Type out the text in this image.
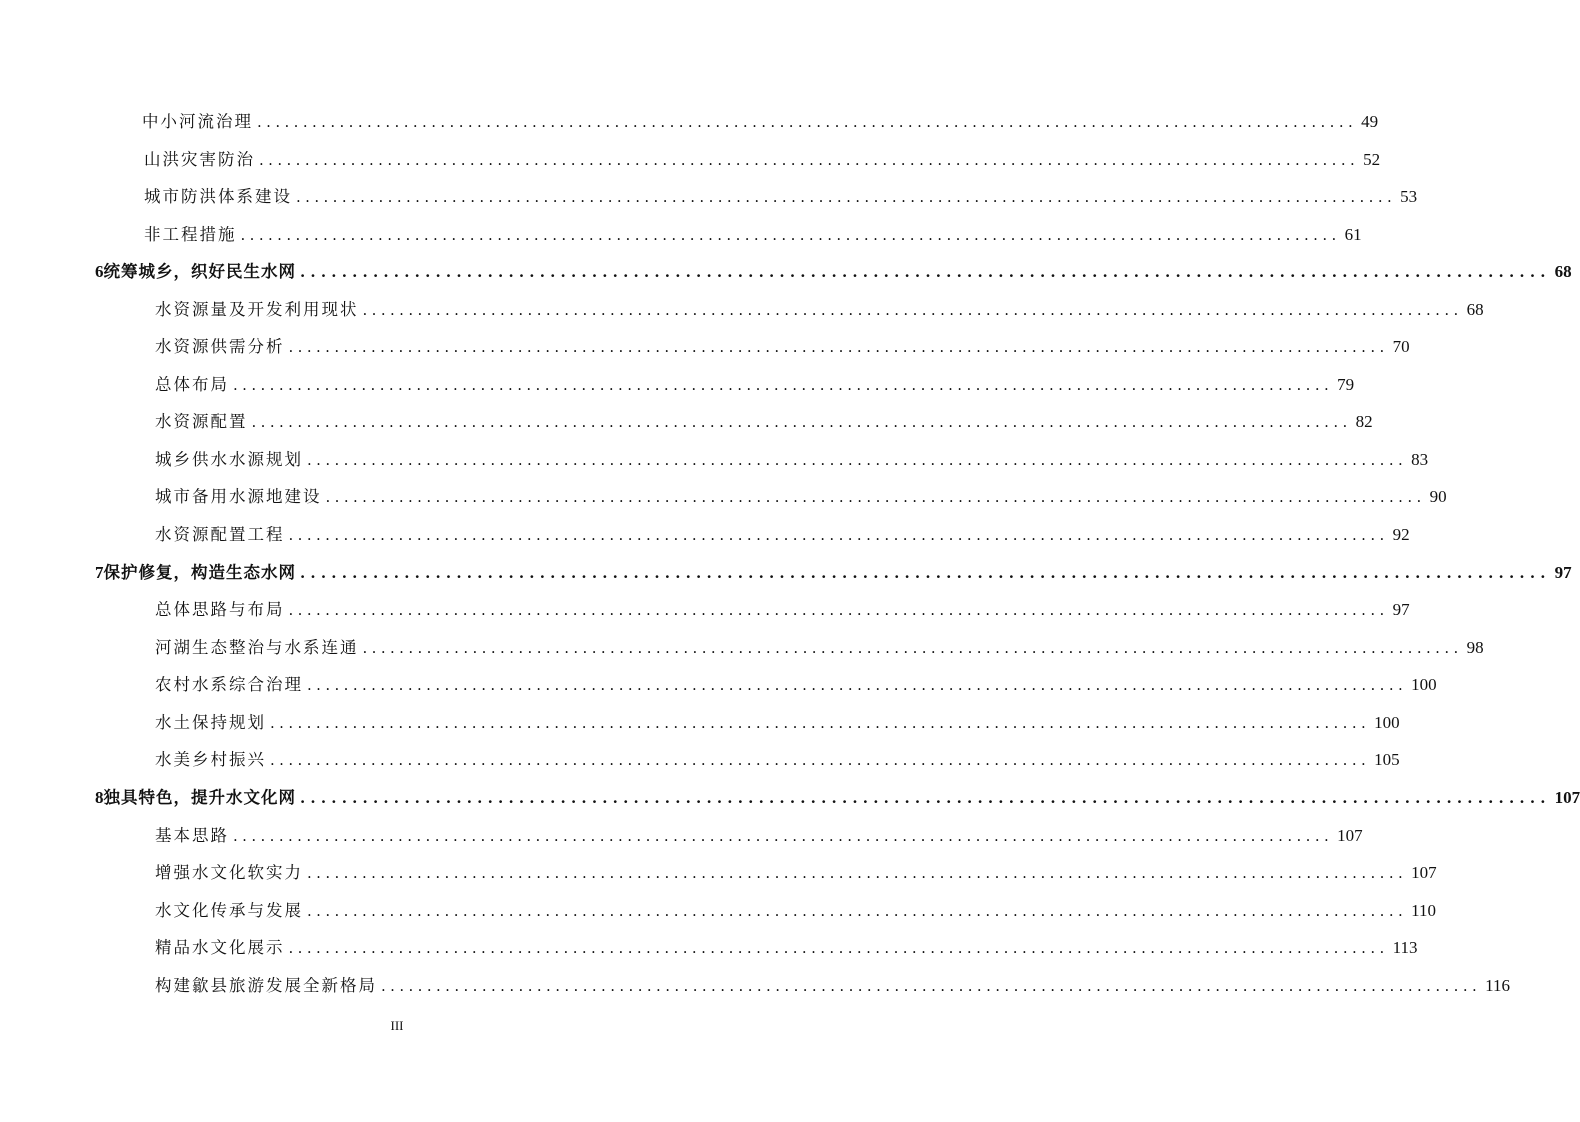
中小河流治理 ........................................................................................................................ 49
山洪灾害防治 ........................................................................................................................ 52
城市防洪体系建设 ........................................................................................................................ 53
非工程措施 ........................................................................................................................ 61
6 统筹城乡，织好民生水网 ........................................................................................................................ 68
水资源量及开发利用现状 ........................................................................................................................ 68
水资源供需分析 ........................................................................................................................ 70
总体布局 ........................................................................................................................ 79
水资源配置 ........................................................................................................................ 82
城乡供水水源规划 ........................................................................................................................ 83
城市备用水源地建设 ........................................................................................................................ 90
水资源配置工程 ........................................................................................................................ 92
7 保护修复，构造生态水网 ........................................................................................................................ 97
总体思路与布局 ........................................................................................................................ 97
河湖生态整治与水系连通 ........................................................................................................................ 98
农村水系综合治理 ........................................................................................................................ 100
水土保持规划 ........................................................................................................................ 100
水美乡村振兴 ........................................................................................................................ 105
8 独具特色，提升水文化网 ........................................................................................................................ 107
基本思路 ........................................................................................................................ 107
增强水文化软实力 ........................................................................................................................ 107
水文化传承与发展 ........................................................................................................................ 110
精品水文化展示 ........................................................................................................................ 113
构建歙县旅游发展全新格局 ........................................................................................................................ 116
III
